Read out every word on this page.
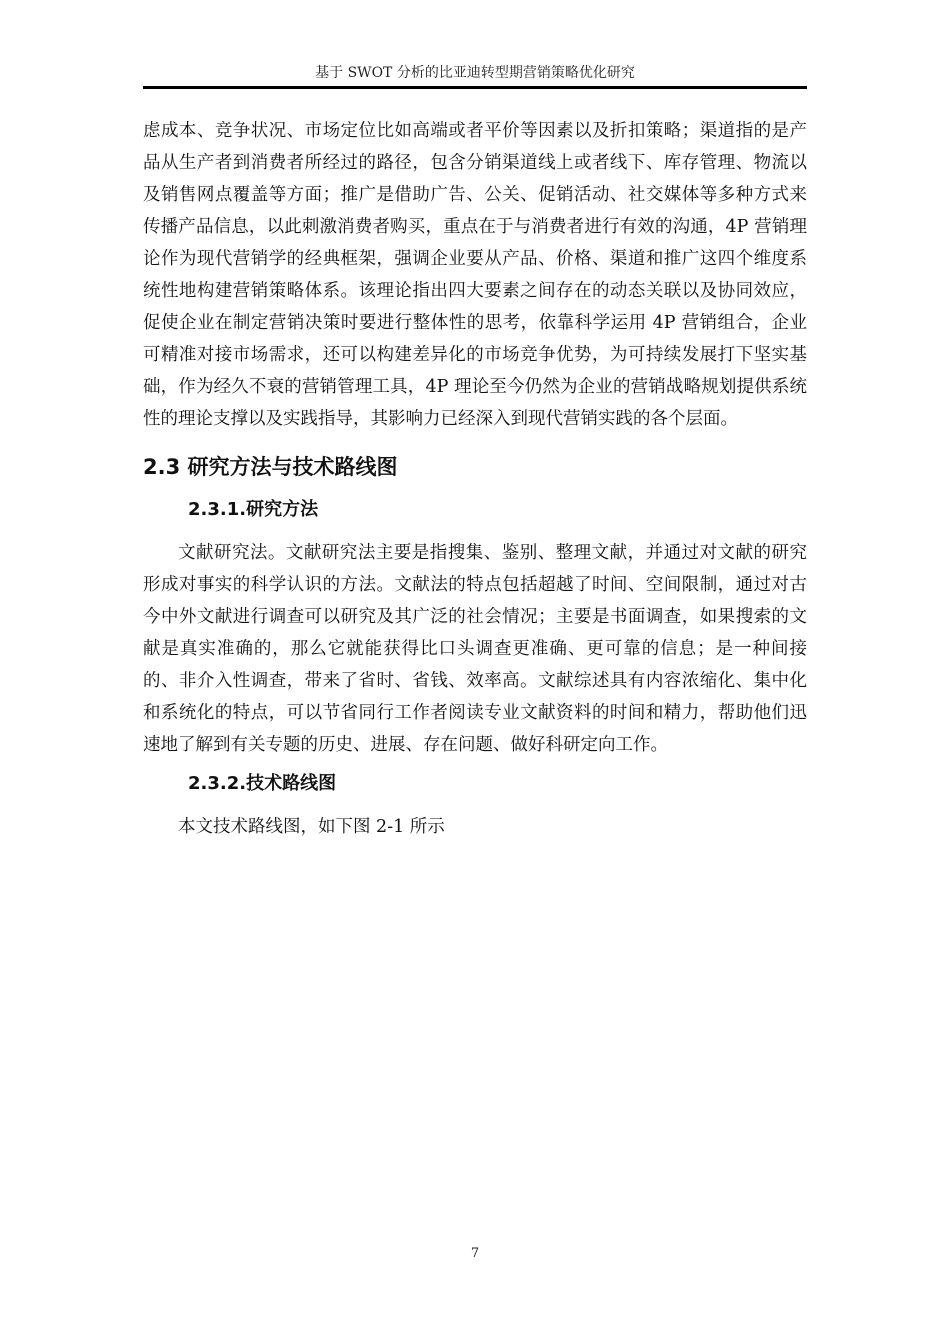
基于 SWOT 分析的比亚迪转型期营销策略优化研究

虑成本、竞争状况、市场定位比如高端或者平价等因素以及折扣策略；渠道指的是产品从生产者到消费者所经过的路径，包含分销渠道线上或者线下、库存管理、物流以及销售网点覆盖等方面；推广是借助广告、公关、促销活动、社交媒体等多种方式来传播产品信息，以此刺激消费者购买，重点在于与消费者进行有效的沟通，4P 营销理论作为现代营销学的经典框架，强调企业要从产品、价格、渠道和推广这四个维度系统性地构建营销策略体系。该理论指出四大要素之间存在的动态关联以及协同效应，促使企业在制定营销决策时要进行整体性的思考，依靠科学运用 4P 营销组合，企业可精准对接市场需求，还可以构建差异化的市场竞争优势，为可持续发展打下坚实基础，作为经久不衰的营销管理工具，4P 理论至今仍然为企业的营销战略规划提供系统性的理论支撑以及实践指导，其影响力已经深入到现代营销实践的各个层面。

2.3 研究方法与技术路线图
2.3.1.研究方法

文献研究法。文献研究法主要是指搜集、鉴别、整理文献，并通过对文献的研究形成对事实的科学认识的方法。文献法的特点包括超越了时间、空间限制，通过对古今中外文献进行调查可以研究及其广泛的社会情况；主要是书面调查，如果搜索的文献是真实准确的，那么它就能获得比口头调查更准确、更可靠的信息；是一种间接的、非介入性调查，带来了省时、省钱、效率高。文献综述具有内容浓缩化、集中化和系统化的特点，可以节省同行工作者阅读专业文献资料的时间和精力，帮助他们迅速地了解到有关专题的历史、进展、存在问题、做好科研定向工作。

2.3.2.技术路线图

本文技术路线图，如下图 2-1 所示

7
